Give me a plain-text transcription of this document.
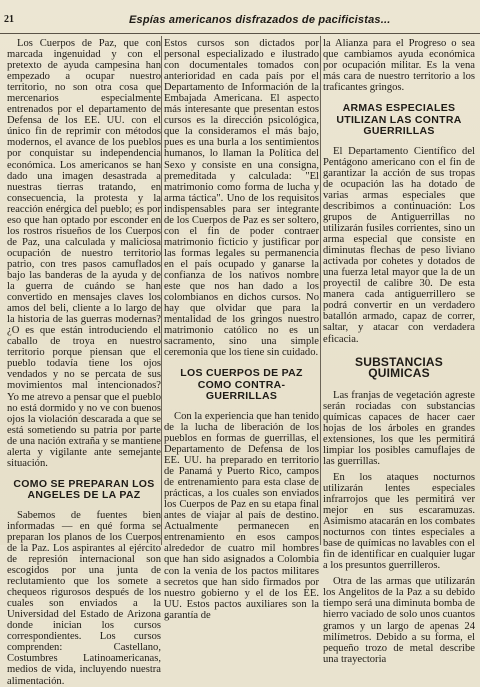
21	Espías americanos disfrazados de pacificistas...

Los Cuerpos de Paz, que con marcada ingenuidad y con el pretexto de ayuda campesina han empezado a ocupar nuestro territorio, no son otra cosa que mercenarios especialmente entrenados por el departamento de Defensa de los EE. UU. con el único fin de reprimir con métodos modernos, el avance de los pueblos por conquistar su independencia económica. Los americanos se han dado una imagen desastrada a nuestras tierras tratando, en consecuencia, la protesta y la reacción enérgica del pueblo; es por eso que han optado por esconder en los rostros risueños de los Cuerpos de Paz, una calculada y maliciosa ocupación de nuestro territorio patrio, con tres pasos camuflados bajo las banderas de la ayuda y de la guerra de cuándo se han convertido en mensajes claves los amos del beli, cliente a lo largo de la historia de las guerras modernas? ¿O es que están introduciendo el caballo de troya en nuestro territorio porque piensan que el pueblo todavía tiene los ojos vendados y no se percata de sus movimientos mal intencionados? Yo me atrevo a pensar que el pueblo no está dormido y no ve con buenos ojos la violación descarada a que se está sometiendo su patria por parte de una nación extraña y se mantiene alerta y vigilante ante semejante situación.

COMO SE PREPARAN LOS ANGELES DE LA PAZ

Sabemos de fuentes bien informadas — en qué forma se preparan los planos de los Cuerpos de la Paz. Los aspirantes al ejército de represión internacional son escogidos por una junta de reclutamiento que los somete a chequeos rigurosos después de los cuales son enviados a la Universidad del Estado de Arizona donde inician los cursos correspondientes. Los cursos comprenden: Castellano, Costumbres Latinoamericanas, medios de vida, incluyendo nuestra alimentación.

Estos cursos son dictados por personal especializado e ilustrado con documentales tomados con anterioridad en cada país por el Departamento de Información de la Embajada Americana. El aspecto más interesante que presentan estos cursos es la dirección psicológica, que la consideramos el más bajo, pues es una burla a los sentimientos humanos, lo llaman la Política del Sexo y consiste en una consigna, premeditada y calculada: "El matrimonio como forma de lucha y arma táctica". Uno de los requisitos indispensables para ser integrante de los Cuerpos de Paz es ser soltero, con el fin de poder contraer matrimonio ficticio y justificar por las formas legales su permanencia en el país ocupado y ganarse la confianza de los nativos nombre este que nos han dado a los colombianos en dichos cursos. No hay que olvidar que para la mentalidad de los gringos nuestro matrimonio católico no es un sacramento, sino una simple ceremonia que los tiene sin cuidado.

LOS CUERPOS DE PAZ COMO CONTRA-GUERRILLAS

Con la experiencia que han tenido de la lucha de liberación de los pueblos en formas de guerrillas, el Departamento de Defensa de los EE. UU. ha preparado en territorio de Panamá y Puerto Rico, campos de entrenamiento para esta clase de prácticas, a los cuales son enviados los Cuerpos de Paz en su etapa final antes de viajar al país de destino. Actualmente permanecen en entrenamiento en esos campos alrededor de cuatro mil hombres que han sido asignados a Colombia con la venia de los pactos militares secretos que han sido firmados por nuestro gobierno y el de los EE. UU. Estos pactos auxiliares son la garantía de

la Alianza para el Progreso o sea que cambiamos ayuda económica por ocupación militar. Es la vena más cara de nuestro territorio a los traficantes gringos.

ARMAS ESPECIALES UTILIZAN LAS CONTRA GUERRILLAS

El Departamento Científico del Pentágono americano con el fin de garantizar la acción de sus tropas de ocupación las ha dotado de varias armas especiales que describimos a continuación: Los grupos de Antiguerrillas no utilizarán fusiles corrientes, sino un arma especial que consiste en diminutas flechas de peso liviano activada por cohetes y dotados de una fuerza letal mayor que la de un proyectil de calibre 30. De esta manera cada antiguerrillero se podrá convertir en un verdadero batallón armado, capaz de correr, saltar, y atacar con verdadera eficacia.

SUBSTANCIAS QUIMICAS

Las franjas de vegetación agreste serán rociadas con substancias químicas capaces de hacer caer hojas de los árboles en grandes extensiones, los que les permitirá limpiar los posibles camuflajes de las guerrillas.

En los ataques nocturnos utilizarán lentes especiales infrarrojos que les permitirá ver mejor en sus escaramuzas. Asimismo atacarán en los combates nocturnos con tintes especiales a base de químicas no lavables con el fin de identificar en cualquier lugar a los presuntos guerrilleros.

Otra de las armas que utilizarán los Angelitos de la Paz a su debido tiempo será una diminuta bomba de hierro vaciado de solo unos cuantos gramos y un largo de apenas 24 milímetros. Debido a su forma, el pequeño trozo de metal describe una trayectoria
